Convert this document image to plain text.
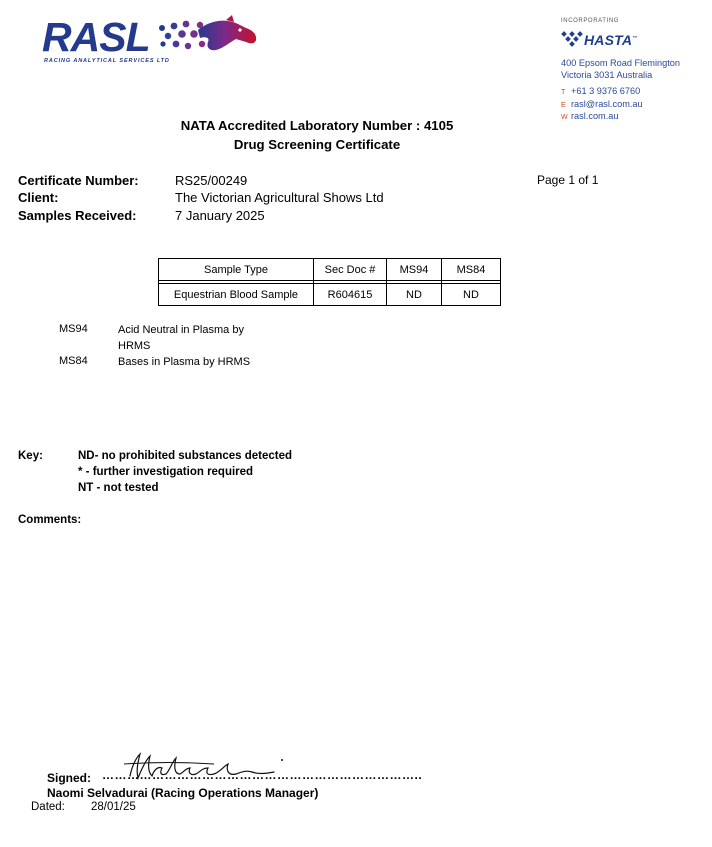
RASL
RACING ANALYTICAL SERVICES LTD
INCORPORATING
HASTA™
400 Epsom Road Flemington
Victoria 3031 Australia
T +61 3 9376 6760
E rasl@rasl.com.au
W rasl.com.au
NATA Accredited Laboratory Number : 4105
Drug Screening Certificate
Certificate Number:	RS25/00249
Client:	The Victorian Agricultural Shows Ltd
Samples Received:	7 January 2025
Page 1 of 1
Sample Type	Sec Doc #	MS94	MS84

Equestrian Blood Sample	R604615	ND	ND
MS94	Acid Neutral in Plasma by HRMS
MS84	Bases in Plasma by HRMS
Key:	ND- no prohibited substances detected
* - further investigation required
NT - not tested
Comments:
Signed: …………………………………………………………………..
Naomi Selvadurai (Racing Operations Manager)
Dated: 28/01/25
